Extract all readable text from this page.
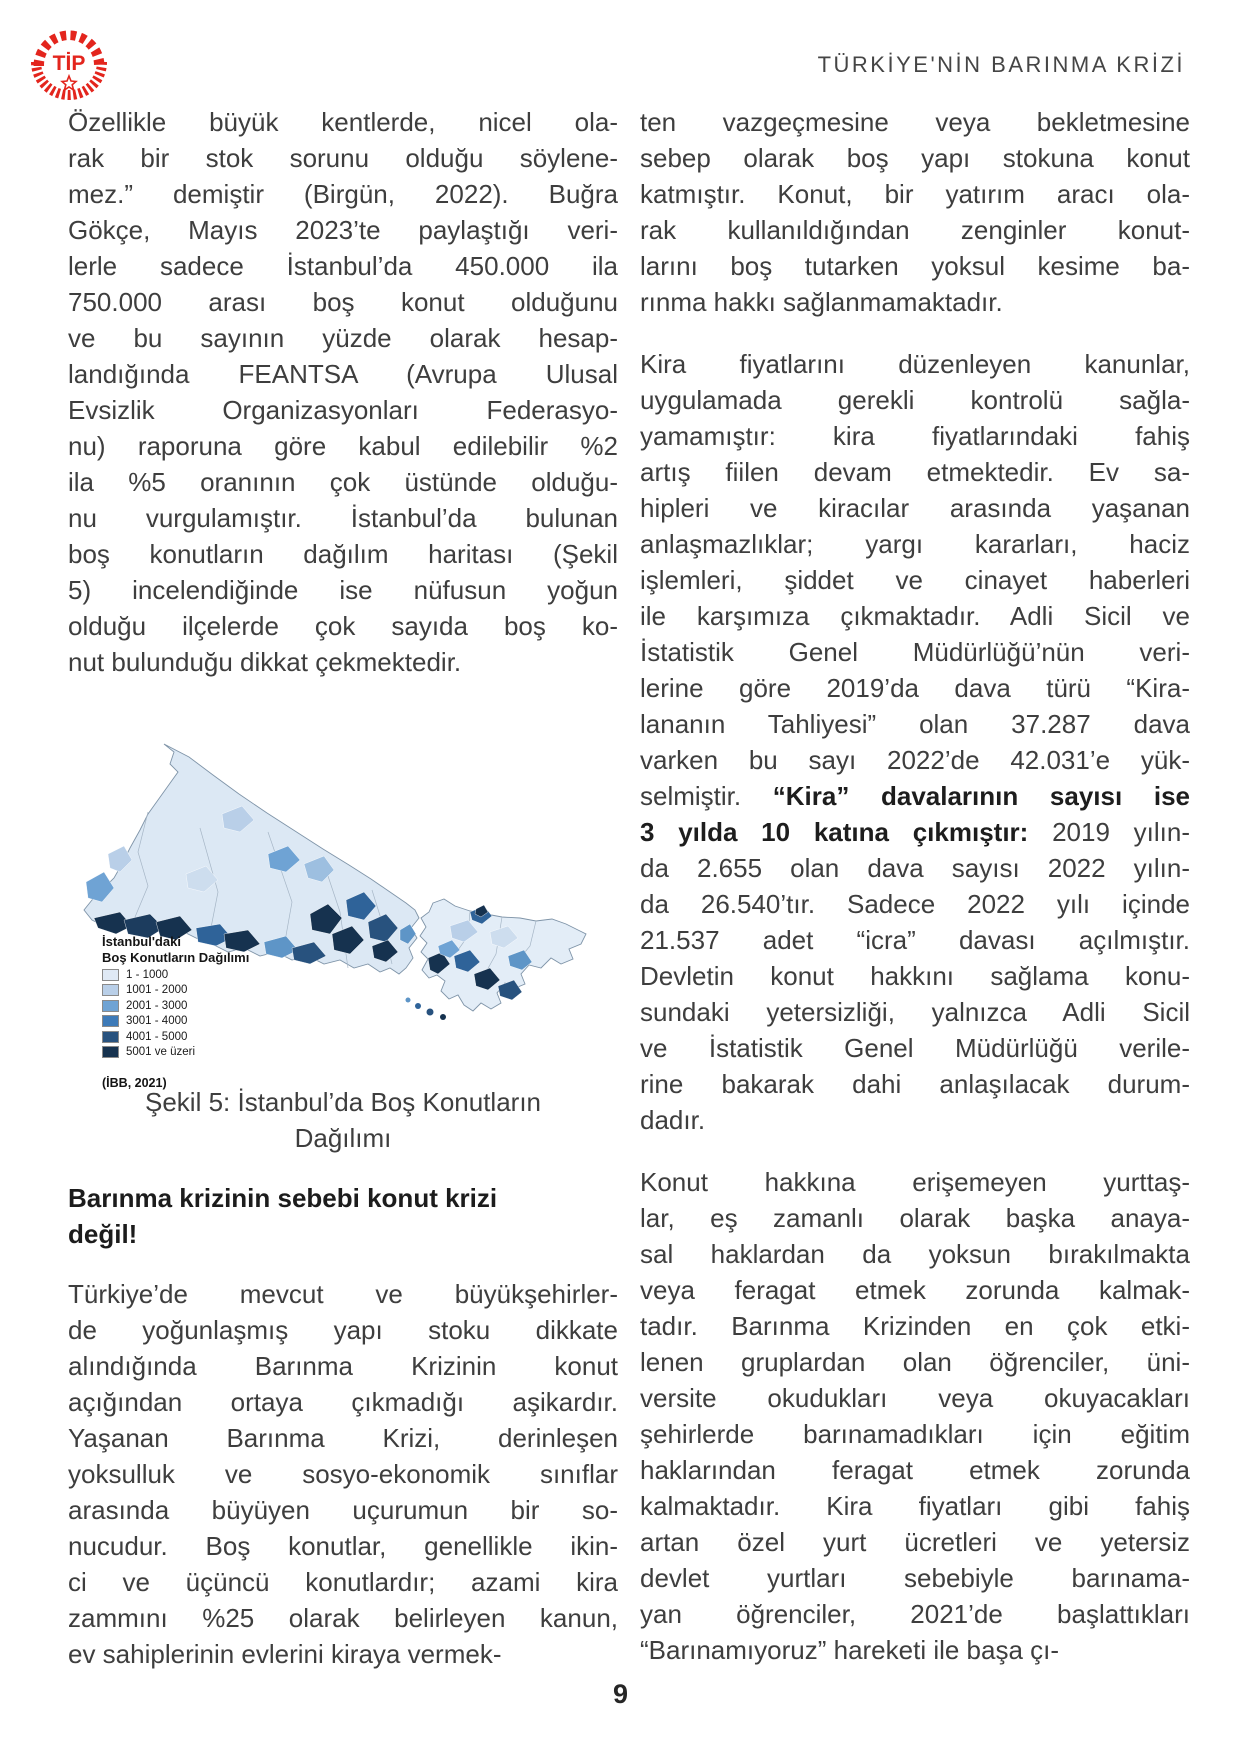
TİP	TÜRKİYE'NİN BARINMA KRİZİ
Özellikle büyük kentlerde, nicel ola-
rak bir stok sorunu olduğu söylene-
mez.” demiştir (Birgün, 2022). Buğra
Gökçe, Mayıs 2023’te paylaştığı veri-
lerle sadece İstanbul’da 450.000 ila
750.000 arası boş konut olduğunu
ve bu sayının yüzde olarak hesap-
landığında FEANTSA (Avrupa Ulusal
Evsizlik Organizasyonları Federasyo-
nu) raporuna göre kabul edilebilir %2
ila %5 oranının çok üstünde olduğu-
nu vurgulamıştır. İstanbul’da bulunan
boş konutların dağılım haritası (Şekil
5) incelendiğinde ise nüfusun yoğun
olduğu ilçelerde çok sayıda boş ko-
nut bulunduğu dikkat çekmektedir.
İstanbul'daki
Boş Konutların Dağılımı
1 - 1000
1001 - 2000
2001 - 3000
3001 - 4000
4001 - 5000
5001 ve üzeri
(İBB, 2021)
Şekil 5: İstanbul’da Boş Konutların
Dağılımı
Barınma krizinin sebebi konut krizi
değil!
Türkiye’de mevcut ve büyükşehirler-
de yoğunlaşmış yapı stoku dikkate
alındığında Barınma Krizinin konut
açığından ortaya çıkmadığı aşikardır.
Yaşanan Barınma Krizi, derinleşen
yoksulluk ve sosyo-ekonomik sınıflar
arasında büyüyen uçurumun bir so-
nucudur. Boş konutlar, genellikle ikin-
ci ve üçüncü konutlardır; azami kira
zammını %25 olarak belirleyen kanun,
ev sahiplerinin evlerini kiraya vermek-
ten vazgeçmesine veya bekletmesine
sebep olarak boş yapı stokuna konut
katmıştır. Konut, bir yatırım aracı ola-
rak kullanıldığından zenginler konut-
larını boş tutarken yoksul kesime ba-
rınma hakkı sağlanmamaktadır.
Kira fiyatlarını düzenleyen kanunlar,
uygulamada gerekli kontrolü sağla-
yamamıştır: kira fiyatlarındaki fahiş
artış fiilen devam etmektedir. Ev sa-
hipleri ve kiracılar arasında yaşanan
anlaşmazlıklar; yargı kararları, haciz
işlemleri, şiddet ve cinayet haberleri
ile karşımıza çıkmaktadır. Adli Sicil ve
İstatistik Genel Müdürlüğü’nün veri-
lerine göre 2019’da dava türü “Kira-
lananın Tahliyesi” olan 37.287 dava
varken bu sayı 2022’de 42.031’e yük-
selmiştir. “Kira” davalarının sayısı ise
3 yılda 10 katına çıkmıştır: 2019 yılın-
da 2.655 olan dava sayısı 2022 yılın-
da 26.540’tır. Sadece 2022 yılı içinde
21.537 adet “icra” davası açılmıştır.
Devletin konut hakkını sağlama konu-
sundaki yetersizliği, yalnızca Adli Sicil
ve İstatistik Genel Müdürlüğü verile-
rine bakarak dahi anlaşılacak durum-
dadır.
Konut hakkına erişemeyen yurttaş-
lar, eş zamanlı olarak başka anaya-
sal haklardan da yoksun bırakılmakta
veya feragat etmek zorunda kalmak-
tadır. Barınma Krizinden en çok etki-
lenen gruplardan olan öğrenciler, üni-
versite okudukları veya okuyacakları
şehirlerde barınamadıkları için eğitim
haklarından feragat etmek zorunda
kalmaktadır. Kira fiyatları gibi fahiş
artan özel yurt ücretleri ve yetersiz
devlet yurtları sebebiyle barınama-
yan öğrenciler, 2021’de başlattıkları
“Barınamıyoruz” hareketi ile başa çı-
9
